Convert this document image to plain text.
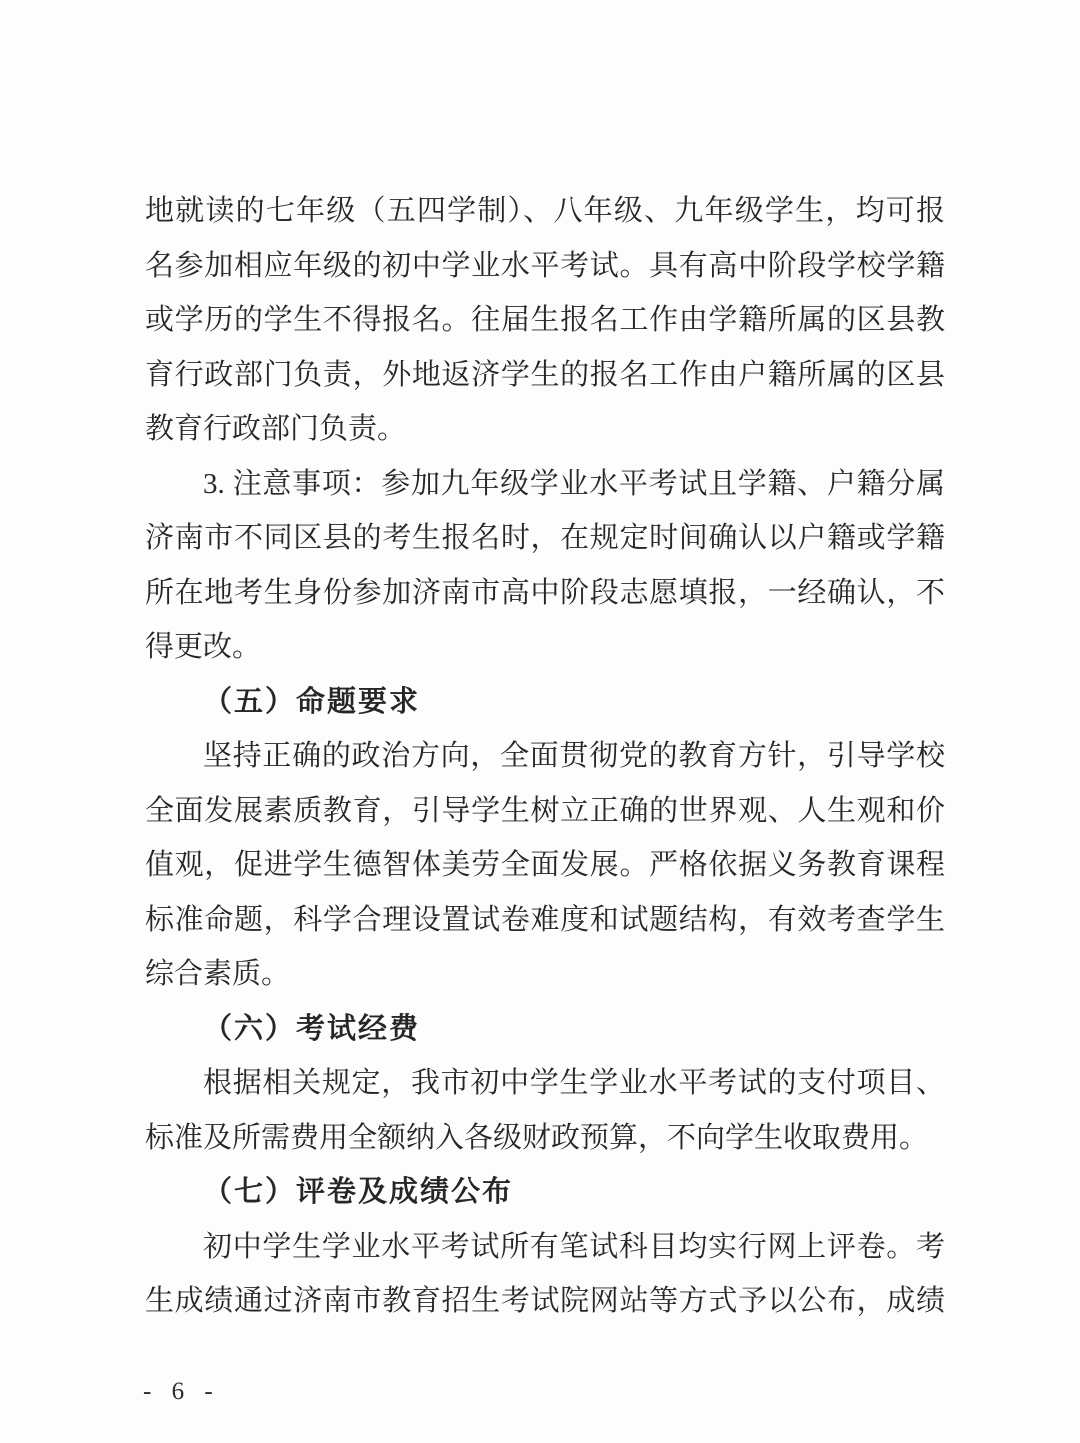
地就读的七年级（五四学制）、八年级、九年级学生，均可报
名参加相应年级的初中学业水平考试。具有高中阶段学校学籍
或学历的学生不得报名。往届生报名工作由学籍所属的区县教
育行政部门负责，外地返济学生的报名工作由户籍所属的区县
教育行政部门负责。
3. 注意事项：参加九年级学业水平考试且学籍、户籍分属
济南市不同区县的考生报名时，在规定时间确认以户籍或学籍
所在地考生身份参加济南市高中阶段志愿填报，一经确认，不
得更改。
（五）命题要求
坚持正确的政治方向，全面贯彻党的教育方针，引导学校
全面发展素质教育，引导学生树立正确的世界观、人生观和价
值观，促进学生德智体美劳全面发展。严格依据义务教育课程
标准命题，科学合理设置试卷难度和试题结构，有效考查学生
综合素质。
（六）考试经费
根据相关规定，我市初中学生学业水平考试的支付项目、
标准及所需费用全额纳入各级财政预算，不向学生收取费用。
（七）评卷及成绩公布
初中学生学业水平考试所有笔试科目均实行网上评卷。考
生成绩通过济南市教育招生考试院网站等方式予以公布，成绩
- 6 -
